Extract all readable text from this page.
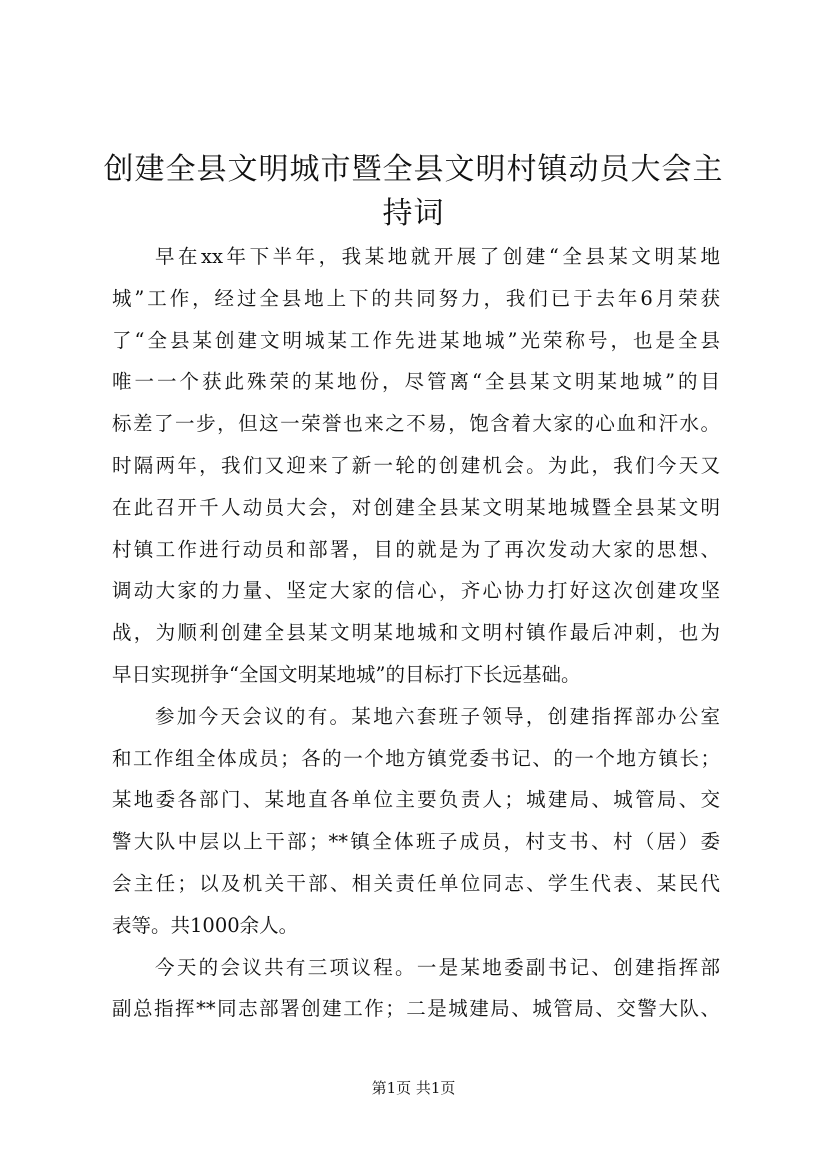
创建全县文明城市暨全县文明村镇动员大会主
持词
早在xx年下半年，我某地就开展了创建“全县某文明某地
城”工作，经过全县地上下的共同努力，我们已于去年6月荣获
了“全县某创建文明城某工作先进某地城”光荣称号，也是全县
唯一一个获此殊荣的某地份，尽管离“全县某文明某地城”的目
标差了一步，但这一荣誉也来之不易，饱含着大家的心血和汗水。
时隔两年，我们又迎来了新一轮的创建机会。为此，我们今天又
在此召开千人动员大会，对创建全县某文明某地城暨全县某文明
村镇工作进行动员和部署，目的就是为了再次发动大家的思想、
调动大家的力量、坚定大家的信心，齐心协力打好这次创建攻坚
战，为顺利创建全县某文明某地城和文明村镇作最后冲刺，也为
早日实现拼争“全国文明某地城”的目标打下长远基础。
参加今天会议的有。某地六套班子领导，创建指挥部办公室
和工作组全体成员；各的一个地方镇党委书记、的一个地方镇长；
某地委各部门、某地直各单位主要负责人；城建局、城管局、交
警大队中层以上干部；**镇全体班子成员，村支书、村（居）委
会主任；以及机关干部、相关责任单位同志、学生代表、某民代
表等。共1000余人。
今天的会议共有三项议程。一是某地委副书记、创建指挥部
副总指挥**同志部署创建工作；二是城建局、城管局、交警大队、
第1页 共1页
